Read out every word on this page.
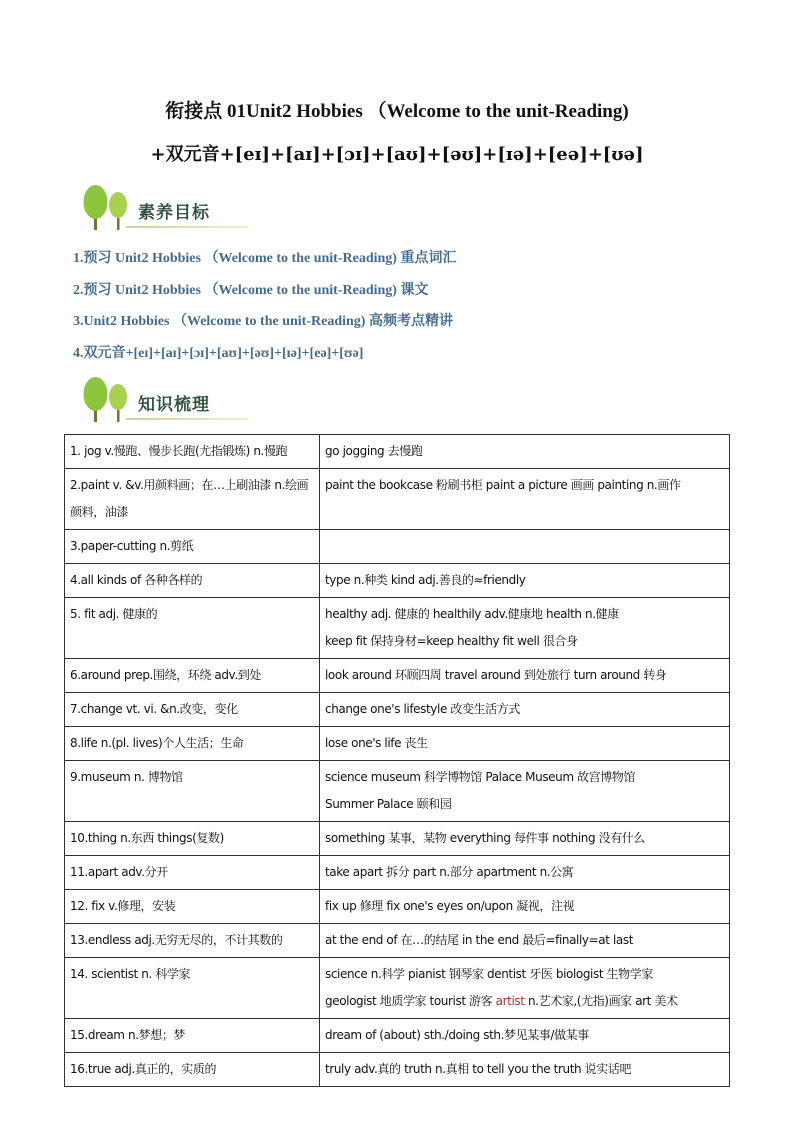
衔接点 01Unit2 Hobbies （Welcome to the unit-Reading)
+双元音+[eɪ]+[aɪ]+[ɔɪ]+[aʊ]+[əʊ]+[ɪə]+[eə]+[ʊə]
素养目标
1.预习 Unit2 Hobbies （Welcome to the unit-Reading) 重点词汇
2.预习 Unit2 Hobbies （Welcome to the unit-Reading) 课文
3.Unit2 Hobbies （Welcome to the unit-Reading) 高频考点精讲
4.双元音+[eɪ]+[aɪ]+[ɔɪ]+[aʊ]+[əʊ]+[ɪə]+[eə]+[ʊə]
知识梳理
1. jog v.慢跑、慢步长跑(尤指锻炼) n.慢跑	go jogging 去慢跑

2.paint v. &v.用颜料画；在…上刷油漆 n.绘画颜料，油漆	paint the bookcase 粉刷书柜 paint a picture 画画 painting n.画作

3.paper-cutting n.剪纸	

4.all kinds of 各种各样的	type n.种类 kind adj.善良的≈friendly

5. fit adj. 健康的	healthy adj. 健康的 healthily adv.健康地 health n.健康
keep fit 保持身材=keep healthy fit well 很合身

6.around prep.围绕，环绕 adv.到处	look around 环顾四周 travel around 到处旅行 turn around 转身

7.change vt. vi. &n.改变，变化	change one's lifestyle 改变生活方式

8.life n.(pl. lives)个人生活；生命	lose one's life 丧生

9.museum n. 博物馆	science museum 科学博物馆 Palace Museum 故宫博物馆
Summer Palace 颐和园

10.thing n.东西 things(复数)	something 某事，某物 everything 每件事 nothing 没有什么

11.apart adv.分开	take apart 拆分 part n.部分 apartment n.公寓

12. fix v.修理，安装	fix up 修理 fix one's eyes on/upon 凝视，注视

13.endless adj.无穷无尽的，不计其数的	at the end of 在…的结尾 in the end 最后=finally=at last

14. scientist n. 科学家	science n.科学 pianist 钢琴家 dentist 牙医 biologist 生物学家
geologist 地质学家 tourist 游客 artist n.艺术家,(尤指)画家 art 美术

15.dream n.梦想；梦	dream of (about) sth./doing sth.梦见某事/做某事

16.true adj.真正的，实质的	truly adv.真的 truth n.真相 to tell you the truth 说实话吧
